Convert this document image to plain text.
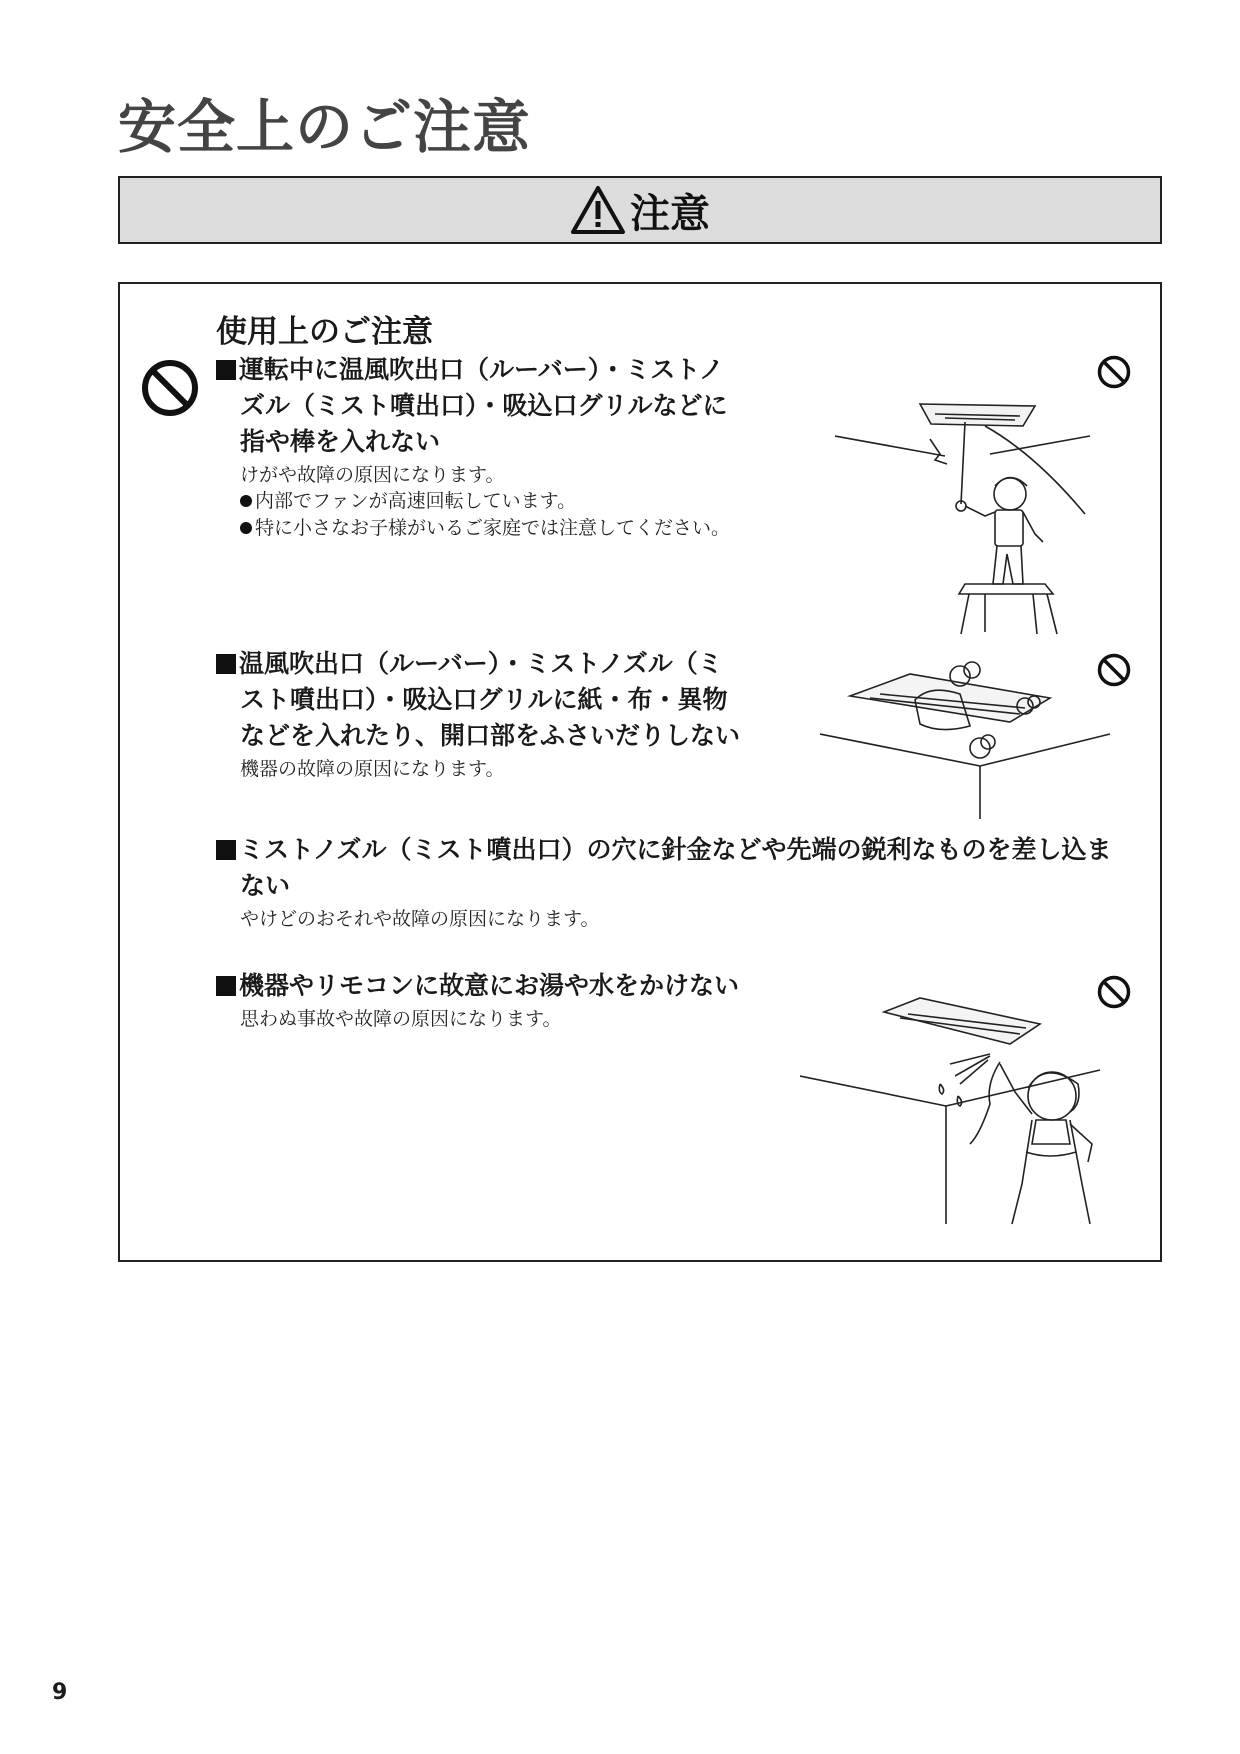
安全上のご注意
注意
使用上のご注意

運転中に温風吹出口（ルーバー）・ミストノ
ズル（ミスト噴出口）・吸込口グリルなどに
指や棒を入れない

けがや故障の原因になります。

内部でファンが高速回転しています。
特に小さなお子様がいるご家庭では注意してください。

温風吹出口（ルーバー）・ミストノズル（ミ
スト噴出口）・吸込口グリルに紙・布・異物
などを入れたり、開口部をふさいだりしない

機器の故障の原因になります。

ミストノズル（ミスト噴出口）の穴に針金などや先端の鋭利なものを差し込ま
ない

やけどのおそれや故障の原因になります。

機器やリモコンに故意にお湯や水をかけない

思わぬ事故や故障の原因になります。

9
